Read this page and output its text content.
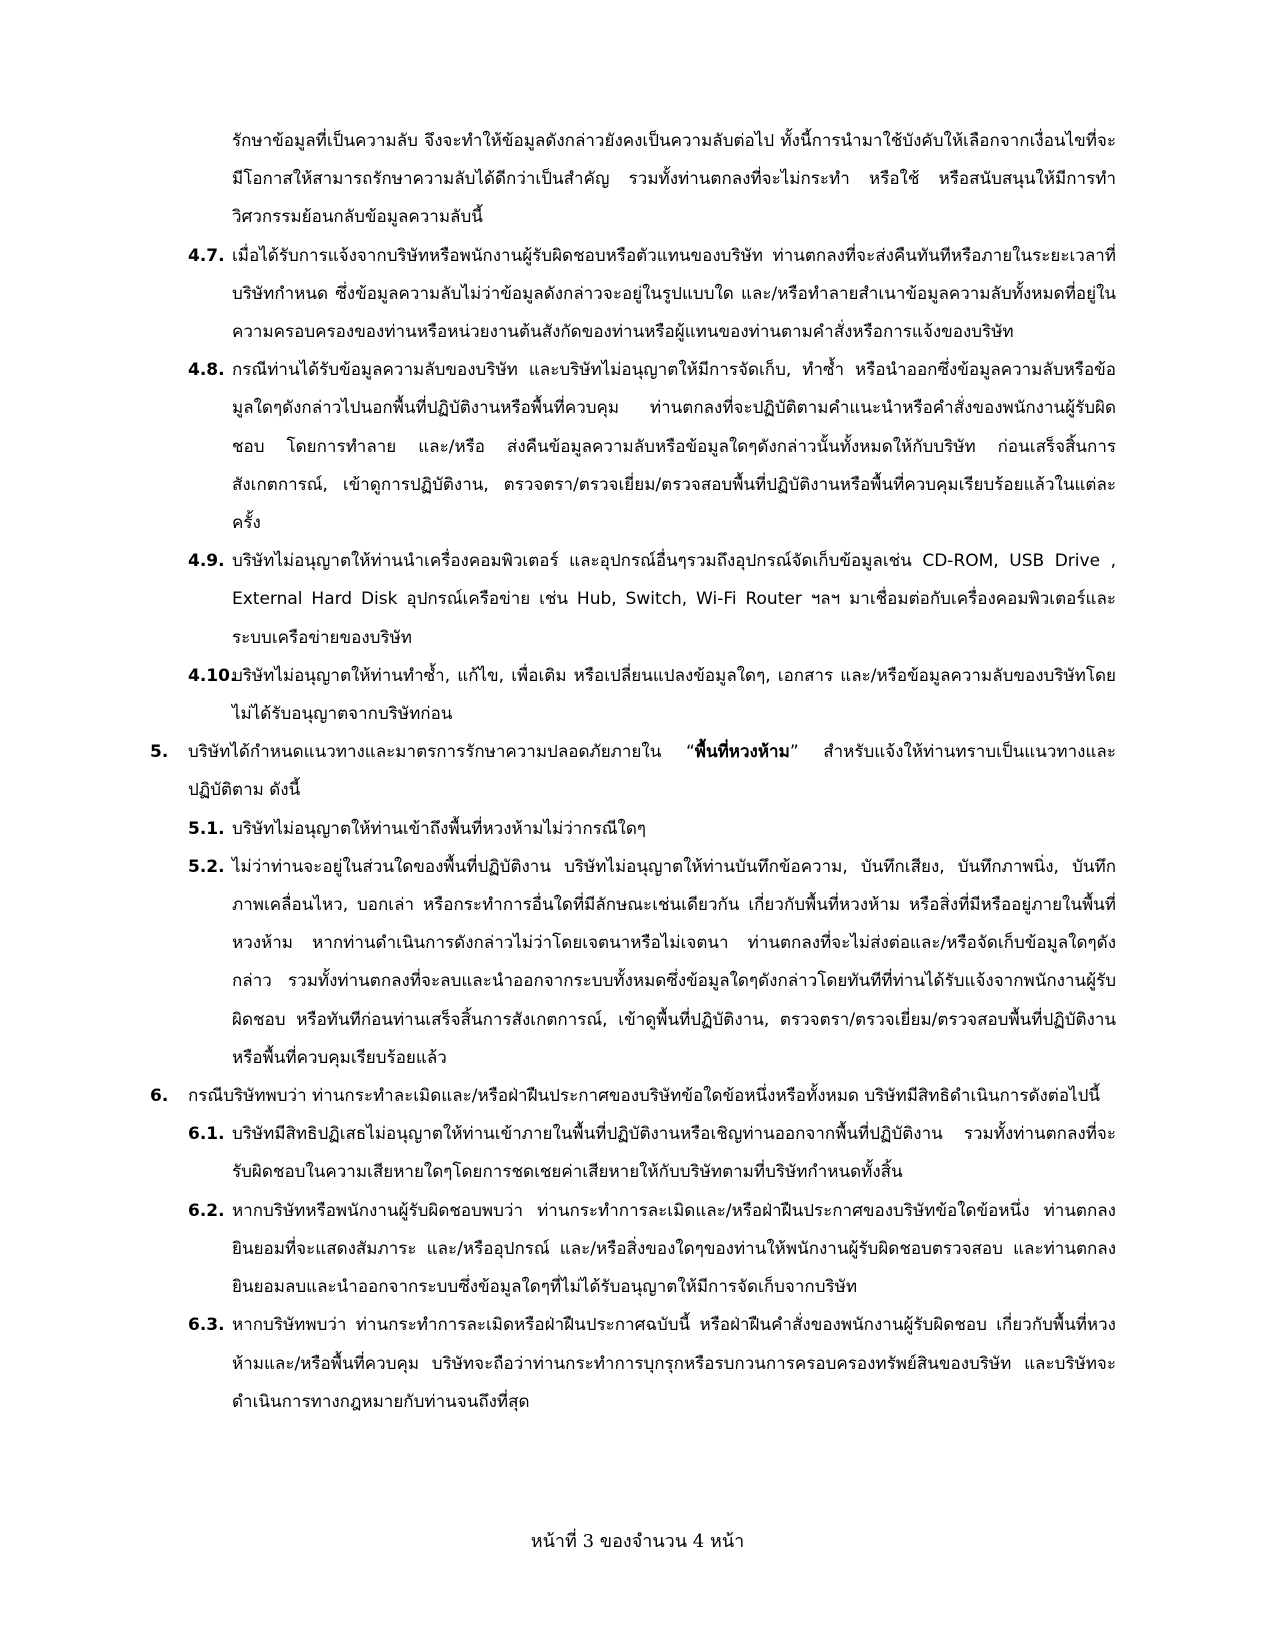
รักษาข้อมูลที่เป็นความลับ จึงจะทำให้ข้อมูลดังกล่าวยังคงเป็นความลับต่อไป ทั้งนี้การนำมาใช้บังคับให้เลือกจากเงื่อนไขที่จะมีโอกาสให้สามารถรักษาความลับได้ดีกว่าเป็นสำคัญ รวมทั้งท่านตกลงที่จะไม่กระทำ หรือใช้ หรือสนับสนุนให้มีการทำวิศวกรรมย้อนกลับข้อมูลความลับนี้

4.7. เมื่อได้รับการแจ้งจากบริษัทหรือพนักงานผู้รับผิดชอบหรือตัวแทนของบริษัท ท่านตกลงที่จะส่งคืนทันทีหรือภายในระยะเวลาที่บริษัทกำหนด ซึ่งข้อมูลความลับไม่ว่าข้อมูลดังกล่าวจะอยู่ในรูปแบบใด และ/หรือทำลายสำเนาข้อมูลความลับทั้งหมดที่อยู่ในความครอบครองของท่านหรือหน่วยงานต้นสังกัดของท่านหรือผู้แทนของท่านตามคำสั่งหรือการแจ้งของบริษัท

4.8. กรณีท่านได้รับข้อมูลความลับของบริษัท และบริษัทไม่อนุญาตให้มีการจัดเก็บ, ทำซ้ำ หรือนำออกซึ่งข้อมูลความลับหรือข้อมูลใดๆดังกล่าวไปนอกพื้นที่ปฏิบัติงานหรือพื้นที่ควบคุม ท่านตกลงที่จะปฏิบัติตามคำแนะนำหรือคำสั่งของพนักงานผู้รับผิดชอบ โดยการทำลาย และ/หรือ ส่งคืนข้อมูลความลับหรือข้อมูลใดๆดังกล่าวนั้นทั้งหมดให้กับบริษัท ก่อนเสร็จสิ้นการสังเกตการณ์, เข้าดูการปฏิบัติงาน, ตรวจตรา/ตรวจเยี่ยม/ตรวจสอบพื้นที่ปฏิบัติงานหรือพื้นที่ควบคุมเรียบร้อยแล้วในแต่ละครั้ง

4.9. บริษัทไม่อนุญาตให้ท่านนำเครื่องคอมพิวเตอร์ และอุปกรณ์อื่นๆรวมถึงอุปกรณ์จัดเก็บข้อมูลเช่น CD-ROM, USB Drive , External Hard Disk อุปกรณ์เครือข่าย เช่น Hub, Switch, Wi-Fi Router ฯลฯ มาเชื่อมต่อกับเครื่องคอมพิวเตอร์และระบบเครือข่ายของบริษัท

4.10.
บริษัทไม่อนุญาตให้ท่านทำซ้ำ, แก้ไข, เพื่อเติม หรือเปลี่ยนแปลงข้อมูลใดๆ, เอกสาร และ/หรือข้อมูลความลับของบริษัทโดยไม่ได้รับอนุญาตจากบริษัทก่อน

5. บริษัทได้กำหนดแนวทางและมาตรการรักษาความปลอดภัยภายใน “พื้นที่หวงห้าม” สำหรับแจ้งให้ท่านทราบเป็นแนวทางและปฏิบัติตาม ดังนี้

5.1. บริษัทไม่อนุญาตให้ท่านเข้าถึงพื้นที่หวงห้ามไม่ว่ากรณีใดๆ

5.2. ไม่ว่าท่านจะอยู่ในส่วนใดของพื้นที่ปฏิบัติงาน บริษัทไม่อนุญาตให้ท่านบันทึกข้อความ, บันทึกเสียง, บันทึกภาพนิ่ง, บันทึกภาพเคลื่อนไหว, บอกเล่า หรือกระทำการอื่นใดที่มีลักษณะเช่นเดียวกัน เกี่ยวกับพื้นที่หวงห้าม หรือสิ่งที่มีหรืออยู่ภายในพื้นที่หวงห้าม หากท่านดำเนินการดังกล่าวไม่ว่าโดยเจตนาหรือไม่เจตนา ท่านตกลงที่จะไม่ส่งต่อและ/หรือจัดเก็บข้อมูลใดๆดังกล่าว รวมทั้งท่านตกลงที่จะลบและนำออกจากระบบทั้งหมดซึ่งข้อมูลใดๆดังกล่าวโดยทันทีที่ท่านได้รับแจ้งจากพนักงานผู้รับผิดชอบ หรือทันทีก่อนท่านเสร็จสิ้นการสังเกตการณ์, เข้าดูพื้นที่ปฏิบัติงาน, ตรวจตรา/ตรวจเยี่ยม/ตรวจสอบพื้นที่ปฏิบัติงานหรือพื้นที่ควบคุมเรียบร้อยแล้ว

6. กรณีบริษัทพบว่า ท่านกระทำละเมิดและ/หรือฝ่าฝืนประกาศของบริษัทข้อใดข้อหนึ่งหรือทั้งหมด บริษัทมีสิทธิดำเนินการดังต่อไปนี้

6.1. บริษัทมีสิทธิปฏิเสธไม่อนุญาตให้ท่านเข้าภายในพื้นที่ปฏิบัติงานหรือเชิญท่านออกจากพื้นที่ปฏิบัติงาน รวมทั้งท่านตกลงที่จะรับผิดชอบในความเสียหายใดๆโดยการชดเชยค่าเสียหายให้กับบริษัทตามที่บริษัทกำหนดทั้งสิ้น

6.2. หากบริษัทหรือพนักงานผู้รับผิดชอบพบว่า ท่านกระทำการละเมิดและ/หรือฝ่าฝืนประกาศของบริษัทข้อใดข้อหนึ่ง ท่านตกลงยินยอมที่จะแสดงสัมภาระ และ/หรืออุปกรณ์ และ/หรือสิ่งของใดๆของท่านให้พนักงานผู้รับผิดชอบตรวจสอบ และท่านตกลงยินยอมลบและนำออกจากระบบซึ่งข้อมูลใดๆที่ไม่ได้รับอนุญาตให้มีการจัดเก็บจากบริษัท

6.3. หากบริษัทพบว่า ท่านกระทำการละเมิดหรือฝ่าฝืนประกาศฉบับนี้ หรือฝ่าฝืนคำสั่งของพนักงานผู้รับผิดชอบ เกี่ยวกับพื้นที่หวงห้ามและ/หรือพื้นที่ควบคุม บริษัทจะถือว่าท่านกระทำการบุกรุกหรือรบกวนการครอบครองทรัพย์สินของบริษัท และบริษัทจะดำเนินการทางกฎหมายกับท่านจนถึงที่สุด

หน้าที่ 3 ของจำนวน 4 หน้า
